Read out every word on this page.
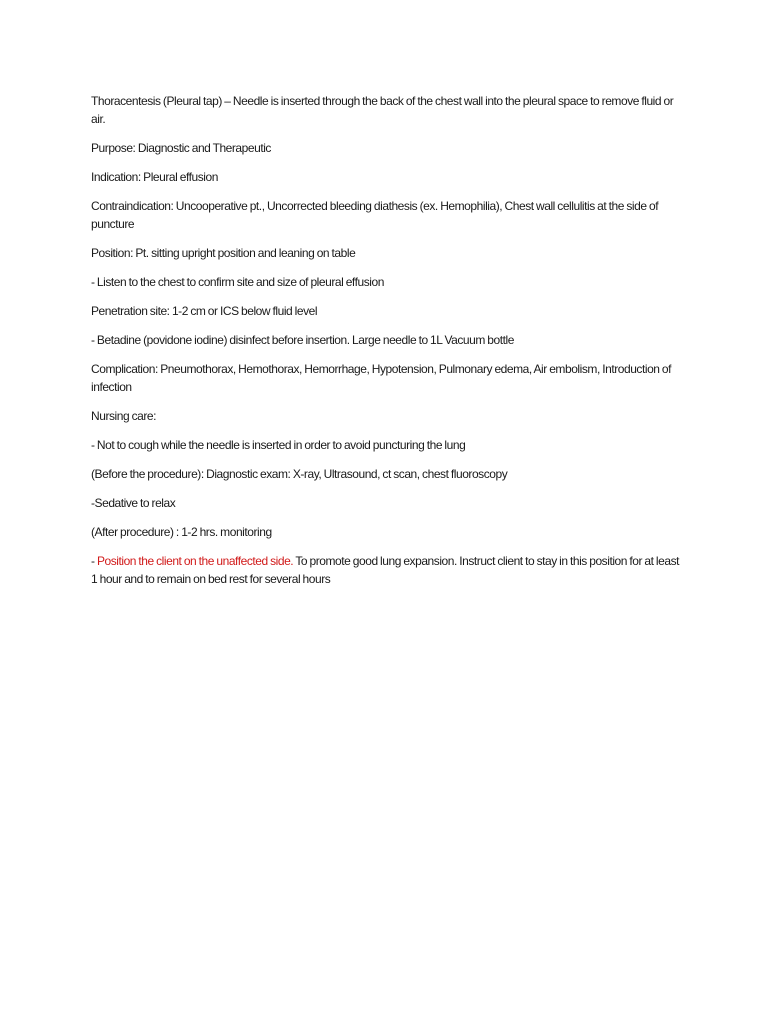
Thoracentesis (Pleural tap) – Needle is inserted through the back of the chest wall into the pleural space to remove fluid or air.

Purpose: Diagnostic and Therapeutic

Indication: Pleural effusion

Contraindication: Uncooperative pt., Uncorrected bleeding diathesis (ex. Hemophilia), Chest wall cellulitis at the side of puncture

Position: Pt. sitting upright position and leaning on table

- Listen to the chest to confirm site and size of pleural effusion

Penetration site: 1-2 cm or ICS below fluid level

- Betadine (povidone iodine) disinfect before insertion. Large needle to 1L Vacuum bottle

Complication: Pneumothorax, Hemothorax, Hemorrhage, Hypotension, Pulmonary edema, Air embolism, Introduction of infection

Nursing care:

- Not to cough while the needle is inserted in order to avoid puncturing the lung

(Before the procedure): Diagnostic exam: X-ray, Ultrasound, ct scan, chest fluoroscopy

-Sedative to relax

(After procedure) : 1-2 hrs. monitoring

- Position the client on the unaffected side. To promote good lung expansion. Instruct client to stay in this position for at least 1 hour and to remain on bed rest for several hours
